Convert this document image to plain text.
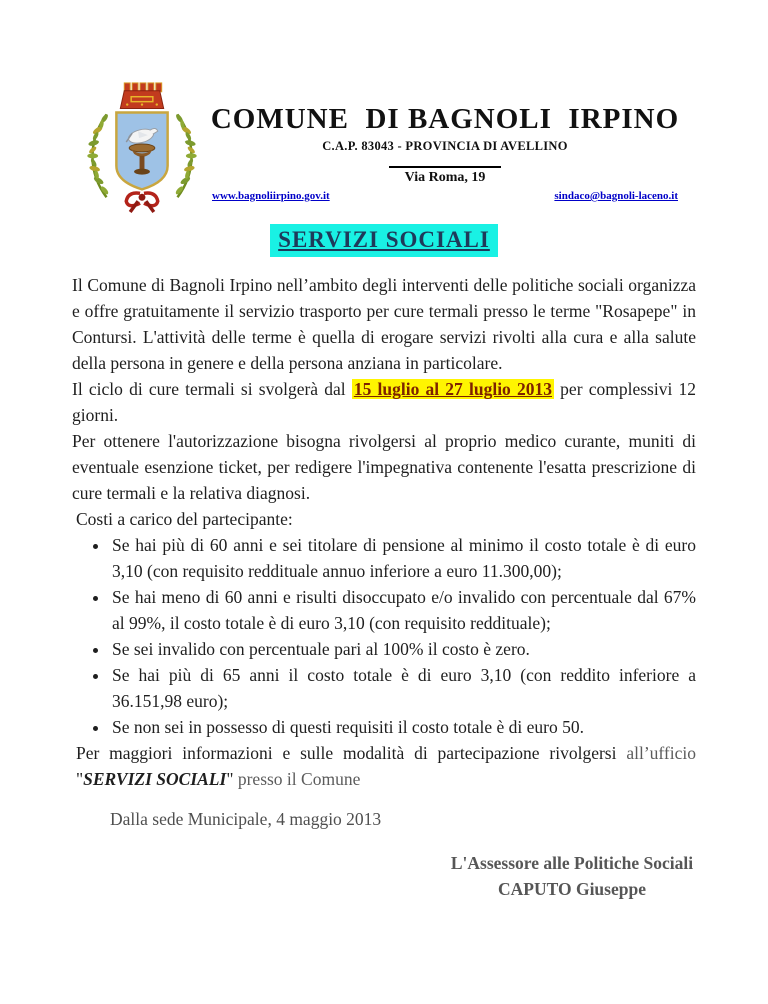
COMUNE  DI BAGNOLI  IRPINO
C.A.P. 83043 - PROVINCIA DI AVELLINO
Via Roma, 19
www.bagnoliirpino.gov.it	sindaco@bagnoli-laceno.it
SERVIZI SOCIALI

Il Comune di Bagnoli Irpino nell’ambito degli interventi delle politiche sociali organizza e offre gratuitamente il servizio trasporto per cure termali presso le terme "Rosapepe" in Contursi. L'attività delle terme è quella di erogare servizi rivolti alla cura e alla salute della persona in genere e della persona anziana in particolare.

Il ciclo di cure termali si svolgerà dal 15 luglio al 27 luglio 2013 per complessivi 12 giorni.

Per ottenere l'autorizzazione bisogna rivolgersi al proprio medico curante, muniti di eventuale esenzione ticket, per redigere l'impegnativa contenente l'esatta prescrizione di cure termali e la relativa diagnosi.

Costi a carico del partecipante:

• Se hai più di 60 anni e sei titolare di pensione al minimo il costo totale è di euro 3,10 (con requisito reddituale annuo inferiore a euro 11.300,00);
• Se hai meno di 60 anni e risulti disoccupato e/o invalido con percentuale dal 67% al 99%, il costo totale è di euro 3,10 (con requisito reddituale);
• Se sei invalido con percentuale pari al 100% il costo è zero.
• Se hai più di 65 anni il costo totale è di euro 3,10 (con reddito inferiore a 36.151,98 euro);
• Se non sei in possesso di questi requisiti il costo totale è di euro 50.

Per maggiori informazioni e sulle modalità di partecipazione rivolgersi all’ufficio "SERVIZI SOCIALI" presso il Comune

Dalla sede Municipale, 4 maggio 2013

L'Assessore alle Politiche Sociali
CAPUTO Giuseppe
